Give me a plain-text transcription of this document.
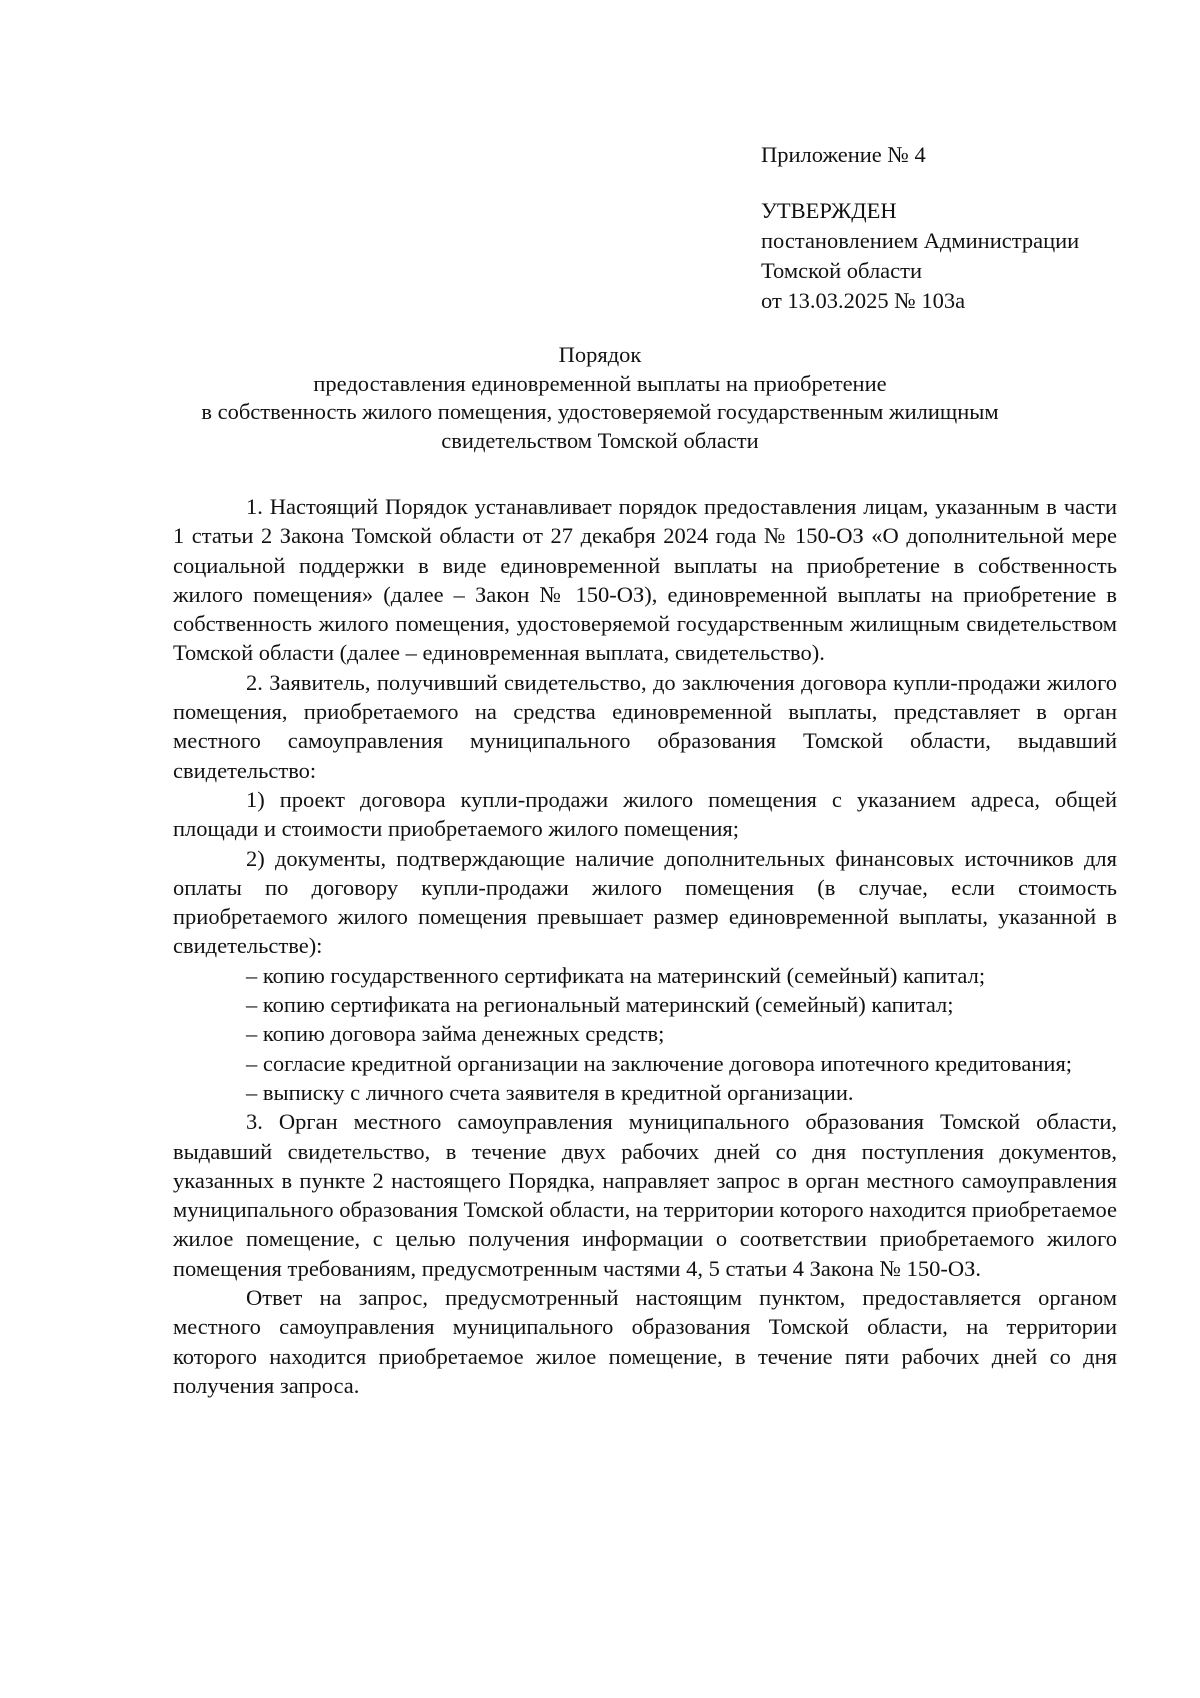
Приложение № 4
УТВЕРЖДЕН
постановлением Администрации
Томской области
от 13.03.2025 № 103а
Порядок
предоставления единовременной выплаты на приобретение
в собственность жилого помещения, удостоверяемой государственным жилищным
свидетельством Томской области

1. Настоящий Порядок устанавливает порядок предоставления лицам, указанным в части 1 статьи 2 Закона Томской области от 27 декабря 2024 года № 150-ОЗ «О дополнительной мере социальной поддержки в виде единовременной выплаты на приобретение в собственность жилого помещения» (далее – Закон № 150-ОЗ), единовременной выплаты на приобретение в собственность жилого помещения, удостоверяемой государственным жилищным свидетельством Томской области (далее – единовременная выплата, свидетельство).

2. Заявитель, получивший свидетельство, до заключения договора купли-продажи жилого помещения, приобретаемого на средства единовременной выплаты, представляет в орган местного самоуправления муниципального образования Томской области, выдавший свидетельство:

1) проект договора купли-продажи жилого помещения с указанием адреса, общей площади и стоимости приобретаемого жилого помещения;

2) документы, подтверждающие наличие дополнительных финансовых источников для оплаты по договору купли-продажи жилого помещения (в случае, если стоимость приобретаемого жилого помещения превышает размер единовременной выплаты, указанной в свидетельстве):

– копию государственного сертификата на материнский (семейный) капитал;

– копию сертификата на региональный материнский (семейный) капитал;

– копию договора займа денежных средств;

– согласие кредитной организации на заключение договора ипотечного кредитования;

– выписку с личного счета заявителя в кредитной организации.

3. Орган местного самоуправления муниципального образования Томской области, выдавший свидетельство, в течение двух рабочих дней со дня поступления документов, указанных в пункте 2 настоящего Порядка, направляет запрос в орган местного самоуправления муниципального образования Томской области, на территории которого находится приобретаемое жилое помещение, с целью получения информации о соответствии приобретаемого жилого помещения требованиям, предусмотренным частями 4, 5 статьи 4 Закона № 150-ОЗ.

Ответ на запрос, предусмотренный настоящим пунктом, предоставляется органом местного самоуправления муниципального образования Томской области, на территории которого находится приобретаемое жилое помещение, в течение пяти рабочих дней со дня получения запроса.
